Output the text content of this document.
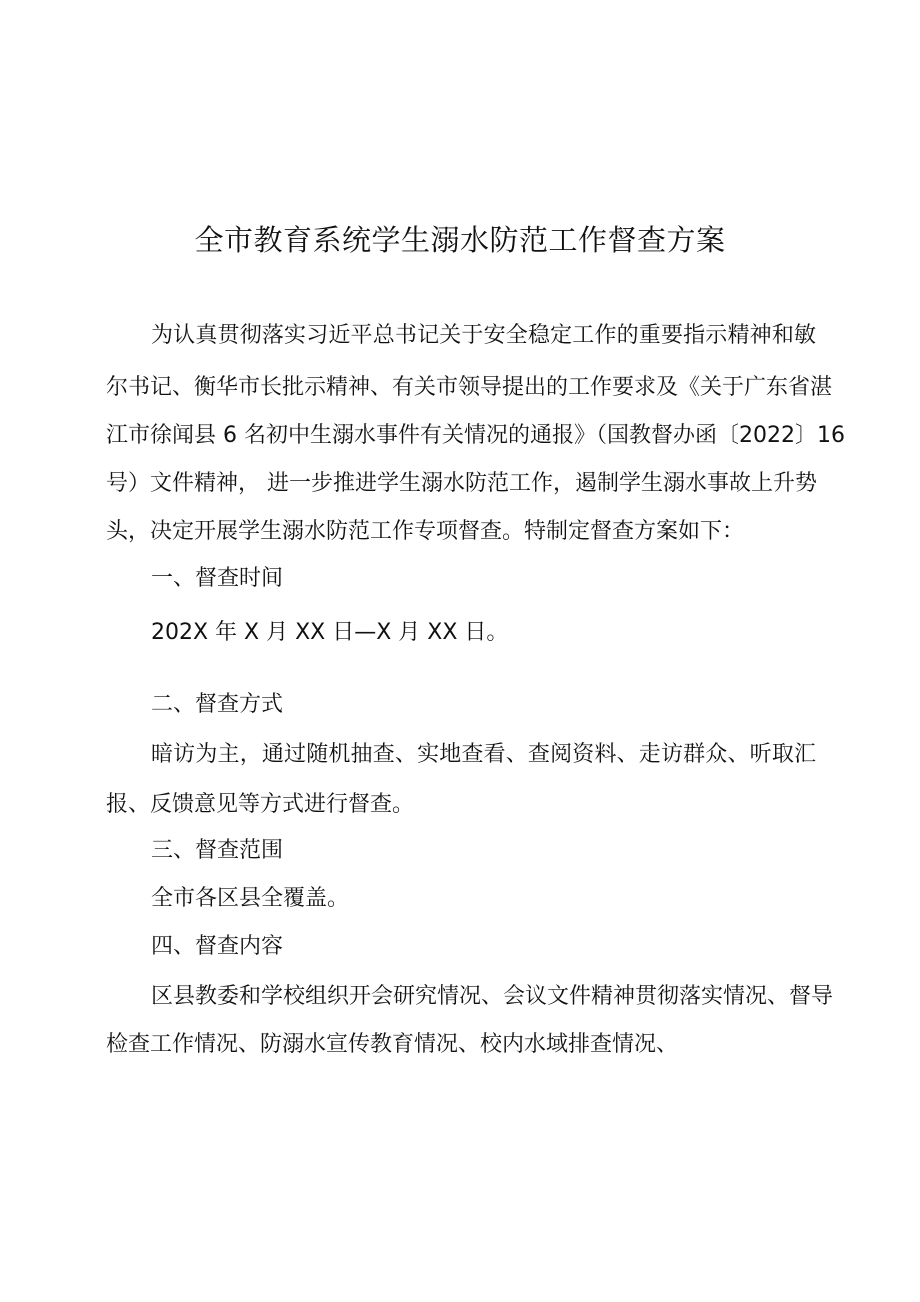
全市教育系统学生溺水防范工作督查方案
为认真贯彻落实习近平总书记关于安全稳定工作的重要指示精神和敏
尔书记、衡华市长批示精神、有关市领导提出的工作要求及《关于广东省湛
江市徐闻县 6 名初中生溺水事件有关情况的通报》（国教督办函〔2022〕16
号）文件精神， 进一步推进学生溺水防范工作，遏制学生溺水事故上升势
头，决定开展学生溺水防范工作专项督查。特制定督查方案如下：
一、督查时间
202X 年 X 月 XX 日—X 月 XX 日。
二、督查方式
暗访为主，通过随机抽查、实地查看、查阅资料、走访群众、听取汇
报、反馈意见等方式进行督查。
三、督查范围
全市各区县全覆盖。
四、督查内容
区县教委和学校组织开会研究情况、会议文件精神贯彻落实情况、督导
检查工作情况、防溺水宣传教育情况、校内水域排查情况、
